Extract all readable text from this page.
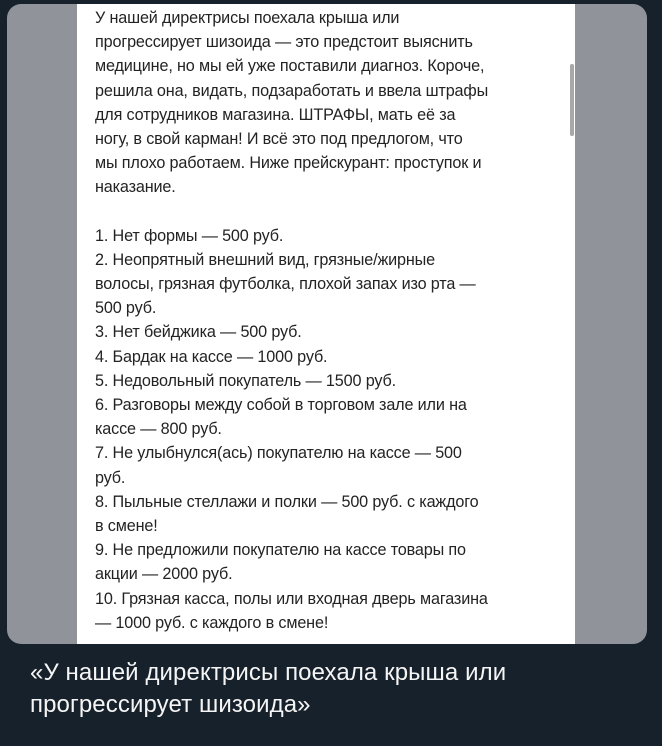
У нашей директрисы поехала крыша или
прогрессирует шизоида — это предстоит выяснить
медицине, но мы ей уже поставили диагноз. Короче,
решила она, видать, подзаработать и ввела штрафы
для сотрудников магазина. ШТРАФЫ, мать её за
ногу, в свой карман! И всё это под предлогом, что
мы плохо работаем. Ниже прейскурант: проступок и
наказание.

1. Нет формы — 500 руб.

2. Неопрятный внешний вид, грязные/жирные
волосы, грязная футболка, плохой запах изо рта —
500 руб.

3. Нет бейджика — 500 руб.

4. Бардак на кассе — 1000 руб.

5. Недовольный покупатель — 1500 руб.

6. Разговоры между собой в торговом зале или на
кассе — 800 руб.

7. Не улыбнулся(ась) покупателю на кассе — 500
руб.

8. Пыльные стеллажи и полки — 500 руб. с каждого
в смене!

9. Не предложили покупателю на кассе товары по
акции — 2000 руб.

10. Грязная касса, полы или входная дверь магазина
— 1000 руб. с каждого в смене!

«У нашей директрисы поехала крыша или
прогрессирует шизоида»
